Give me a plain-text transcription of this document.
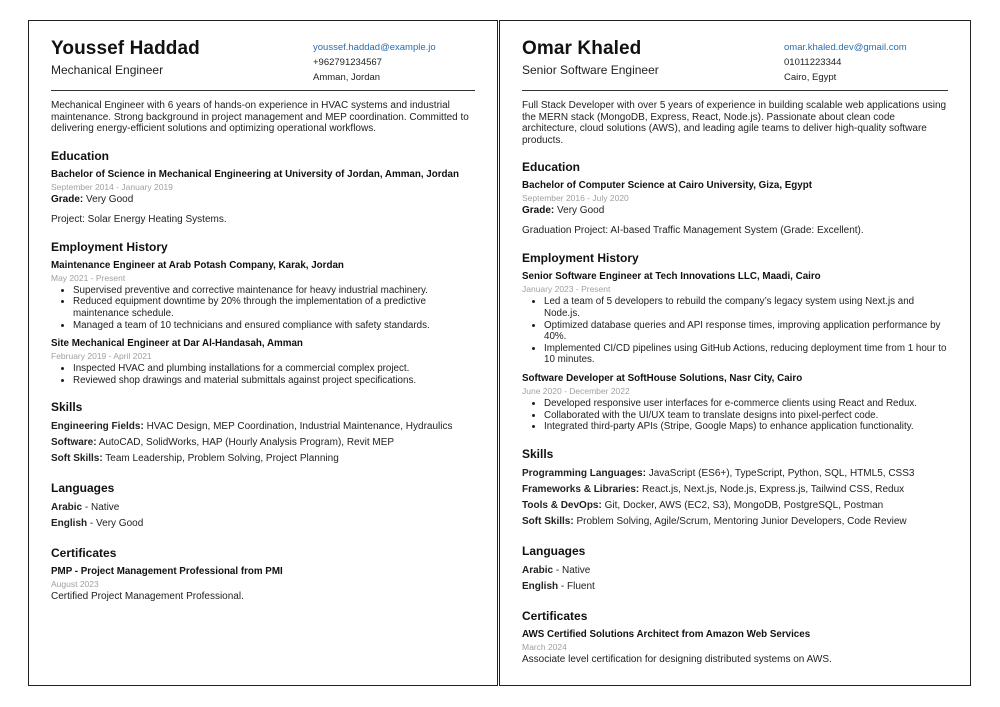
Youssef Haddad
Mechanical Engineer
youssef.haddad@example.jo
+962791234567
Amman, Jordan
Mechanical Engineer with 6 years of hands-on experience in HVAC systems and industrial maintenance. Strong background in project management and MEP coordination. Committed to delivering energy-efficient solutions and optimizing operational workflows.
Education

Bachelor of Science in Mechanical Engineering at University of Jordan, Amman, Jordan

September 2014 - January 2019

Grade: Very Good

Project: Solar Energy Heating Systems.

Employment History

Maintenance Engineer at Arab Potash Company, Karak, Jordan

May 2021 - Present

• Supervised preventive and corrective maintenance for heavy industrial machinery.
• Reduced equipment downtime by 20% through the implementation of a predictive maintenance schedule.
• Managed a team of 10 technicians and ensured compliance with safety standards.

Site Mechanical Engineer at Dar Al-Handasah, Amman

February 2019 - April 2021

• Inspected HVAC and plumbing installations for a commercial complex project.
• Reviewed shop drawings and material submittals against project specifications.
Skills

Engineering Fields: HVAC Design, MEP Coordination, Industrial Maintenance, Hydraulics

Software: AutoCAD, SolidWorks, HAP (Hourly Analysis Program), Revit MEP

Soft Skills: Team Leadership, Problem Solving, Project Planning

Languages

Arabic - Native

English - Very Good

Certificates

PMP - Project Management Professional from PMI

August 2023

Certified Project Management Professional.

Omar Khaled
Senior Software Engineer
omar.khaled.dev@gmail.com
01011223344
Cairo, Egypt
Full Stack Developer with over 5 years of experience in building scalable web applications using the MERN stack (MongoDB, Express, React, Node.js). Passionate about clean code architecture, cloud solutions (AWS), and leading agile teams to deliver high-quality software products.
Education

Bachelor of Computer Science at Cairo University, Giza, Egypt

September 2016 - July 2020

Grade: Very Good

Graduation Project: AI-based Traffic Management System (Grade: Excellent).

Employment History

Senior Software Engineer at Tech Innovations LLC, Maadi, Cairo

January 2023 - Present

• Led a team of 5 developers to rebuild the company’s legacy system using Next.js and Node.js.
• Optimized database queries and API response times, improving application performance by 40%.
• Implemented CI/CD pipelines using GitHub Actions, reducing deployment time from 1 hour to 10 minutes.

Software Developer at SoftHouse Solutions, Nasr City, Cairo

June 2020 - December 2022

• Developed responsive user interfaces for e-commerce clients using React and Redux.
• Collaborated with the UI/UX team to translate designs into pixel-perfect code.
• Integrated third-party APIs (Stripe, Google Maps) to enhance application functionality.
Skills

Programming Languages: JavaScript (ES6+), TypeScript, Python, SQL, HTML5, CSS3

Frameworks & Libraries: React.js, Next.js, Node.js, Express.js, Tailwind CSS, Redux

Tools & DevOps: Git, Docker, AWS (EC2, S3), MongoDB, PostgreSQL, Postman

Soft Skills: Problem Solving, Agile/Scrum, Mentoring Junior Developers, Code Review

Languages

Arabic - Native

English - Fluent

Certificates

AWS Certified Solutions Architect from Amazon Web Services

March 2024

Associate level certification for designing distributed systems on AWS.
